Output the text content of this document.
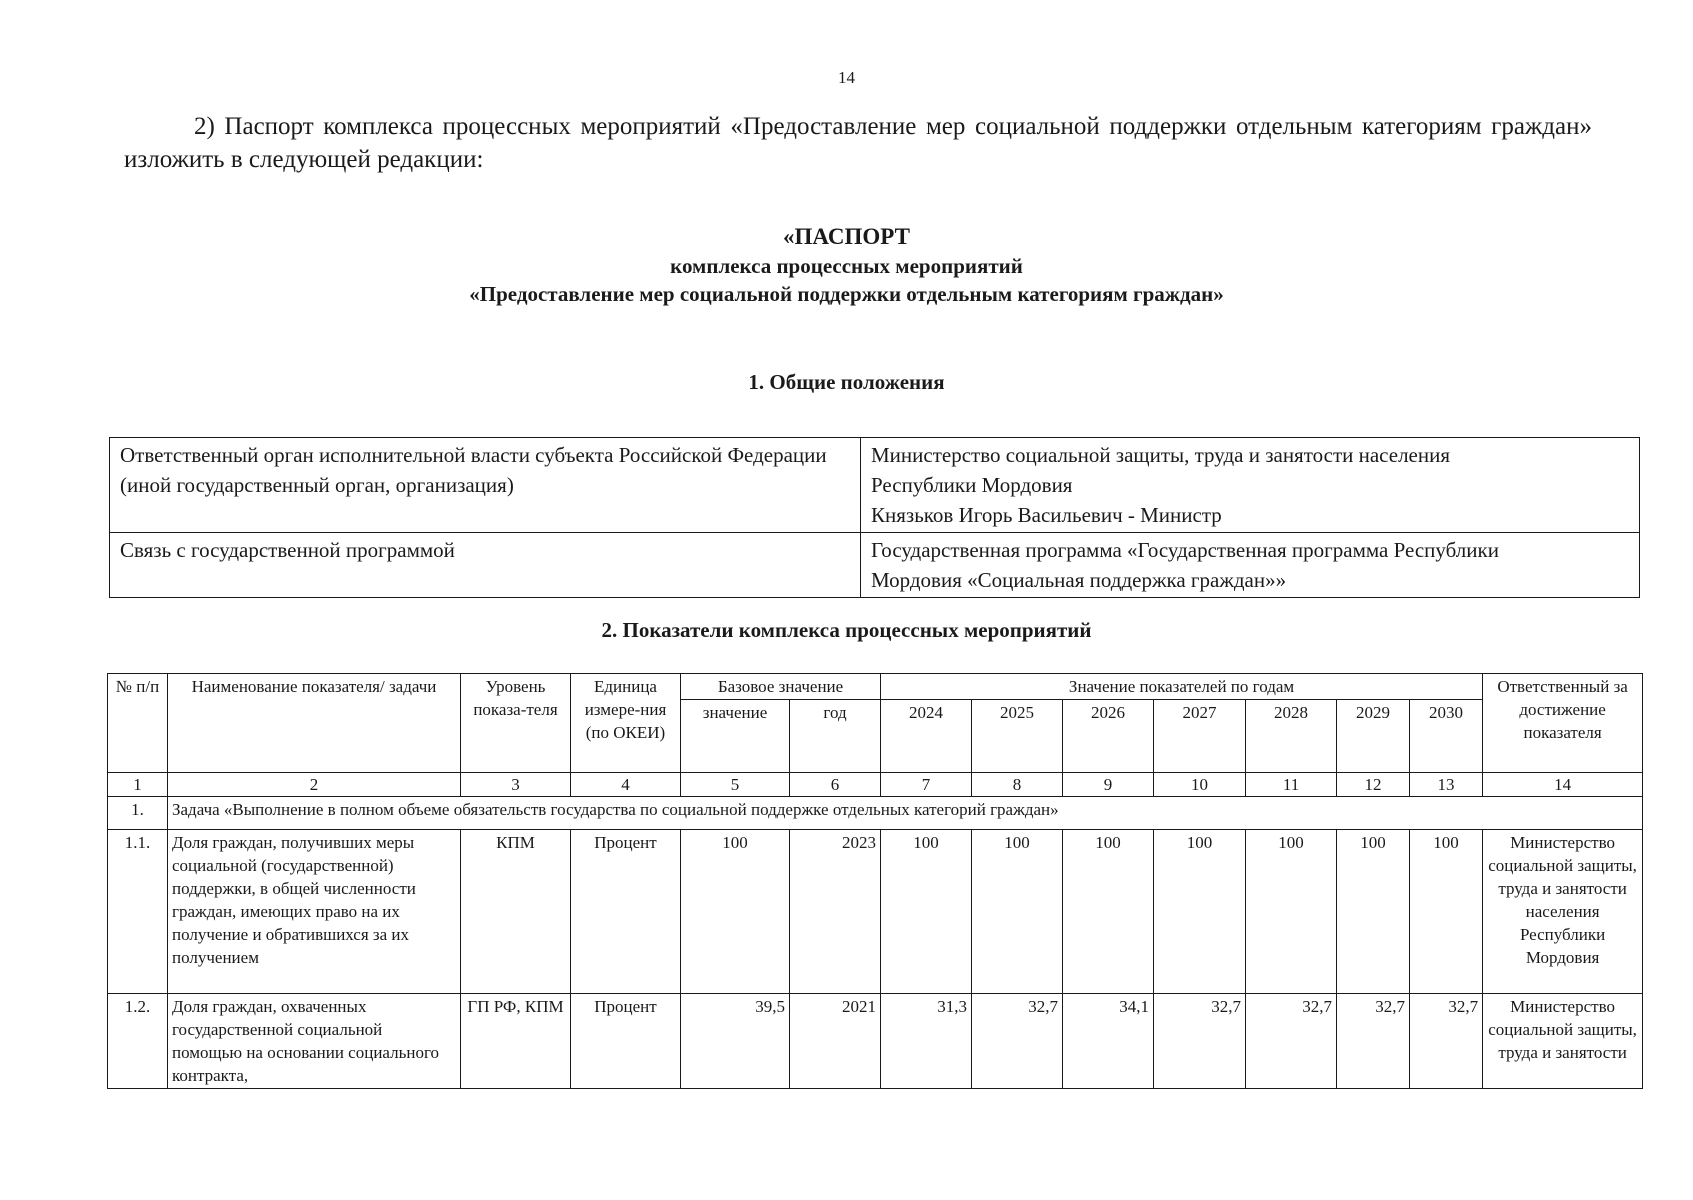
14
2) Паспорт комплекса процессных мероприятий «Предоставление мер социальной поддержки отдельным категориям граждан» изложить в следующей редакции:
«ПАСПОРТ
комплекса процессных мероприятий
«Предоставление мер социальной поддержки отдельным категориям граждан»
1. Общие положения
Ответственный орган исполнительной власти субъекта Российской Федерации (иной государственный орган, организация)	Министерство социальной защиты, труда и занятости населения
Республики Мордовия
Князьков Игорь Васильевич - Министр

Связь с государственной программой	Государственная программа «Государственная программа Республики
Мордовия «Социальная поддержка граждан»»
2. Показатели комплекса процессных мероприятий
№ п/п	Наименование показателя/ задачи	Уровень показа-теля	Единица измере-ния (по ОКЕИ)	Базовое значение		Значение показателей по годам							Ответственный за достижение показателя
				значение	год	2024	2025	2026	2027	2028	2029	2030	
1	2	3	4	5	6	7	8	9	10	11	12	13	14
1.	Задача «Выполнение в полном объеме обязательств государства по социальной поддержке отдельных категорий граждан»												
1.1.	Доля граждан, получивших меры социальной (государственной) поддержки, в общей численности граждан, имеющих право на их получение и обратившихся за их получением	КПМ	Процент	100	2023	100	100	100	100	100	100	100	Министерство социальной защиты, труда и занятости населения Республики Мордовия
1.2.	Доля граждан, охваченных государственной социальной помощью на основании социального контракта,	ГП РФ, КПМ	Процент	39,5	2021	31,3	32,7	34,1	32,7	32,7	32,7	32,7	Министерство социальной защиты, труда и занятости
